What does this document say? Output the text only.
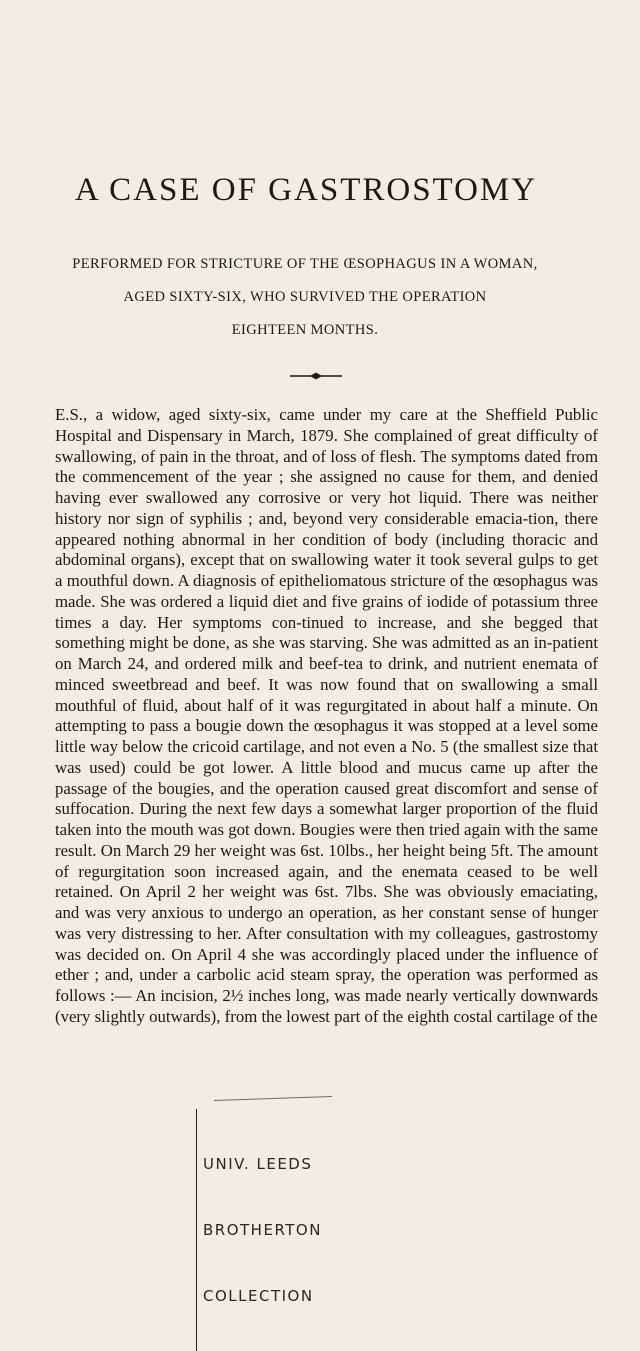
A CASE OF GASTROSTOMY

PERFORMED FOR STRICTURE OF THE ŒSOPHAGUS IN A WOMAN,

AGED SIXTY-SIX, WHO SURVIVED THE OPERATION

EIGHTEEN MONTHS.

E.S., a widow, aged sixty-six, came under my care at the Sheffield Public Hospital and Dispensary in March, 1879. She complained of great difficulty of swallowing, of pain in the throat, and of loss of flesh. The symptoms dated from the commencement of the year ; she assigned no cause for them, and denied having ever swallowed any corrosive or very hot liquid. There was neither history nor sign of syphilis ; and, beyond very considerable emacia-tion, there appeared nothing abnormal in her condition of body (including thoracic and abdominal organs), except that on swallowing water it took several gulps to get a mouthful down. A diagnosis of epitheliomatous stricture of the œsophagus was made. She was ordered a liquid diet and five grains of iodide of potassium three times a day. Her symptoms con-tinued to increase, and she begged that something might be done, as she was starving. She was admitted as an in-patient on March 24, and ordered milk and beef-tea to drink, and nutrient enemata of minced sweetbread and beef. It was now found that on swallowing a small mouthful of fluid, about half of it was regurgitated in about half a minute. On attempting to pass a bougie down the œsophagus it was stopped at a level some little way below the cricoid cartilage, and not even a No. 5 (the smallest size that was used) could be got lower. A little blood and mucus came up after the passage of the bougies, and the operation caused great discomfort and sense of suffocation. During the next few days a somewhat larger proportion of the fluid taken into the mouth was got down. Bougies were then tried again with the same result. On March 29 her weight was 6st. 10lbs., her height being 5ft. The amount of regurgitation soon increased again, and the enemata ceased to be well retained. On April 2 her weight was 6st. 7lbs. She was obviously emaciating, and was very anxious to undergo an operation, as her constant sense of hunger was very distressing to her. After consultation with my colleagues, gastrostomy was decided on. On April 4 she was accordingly placed under the influence of ether ; and, under a carbolic acid steam spray, the operation was performed as follows :— An incision, 2½ inches long, was made nearly vertically downwards (very slightly outwards), from the lowest part of the eighth costal cartilage of the

UNIV. LEEDS

BROTHERTON

COLLECTION
